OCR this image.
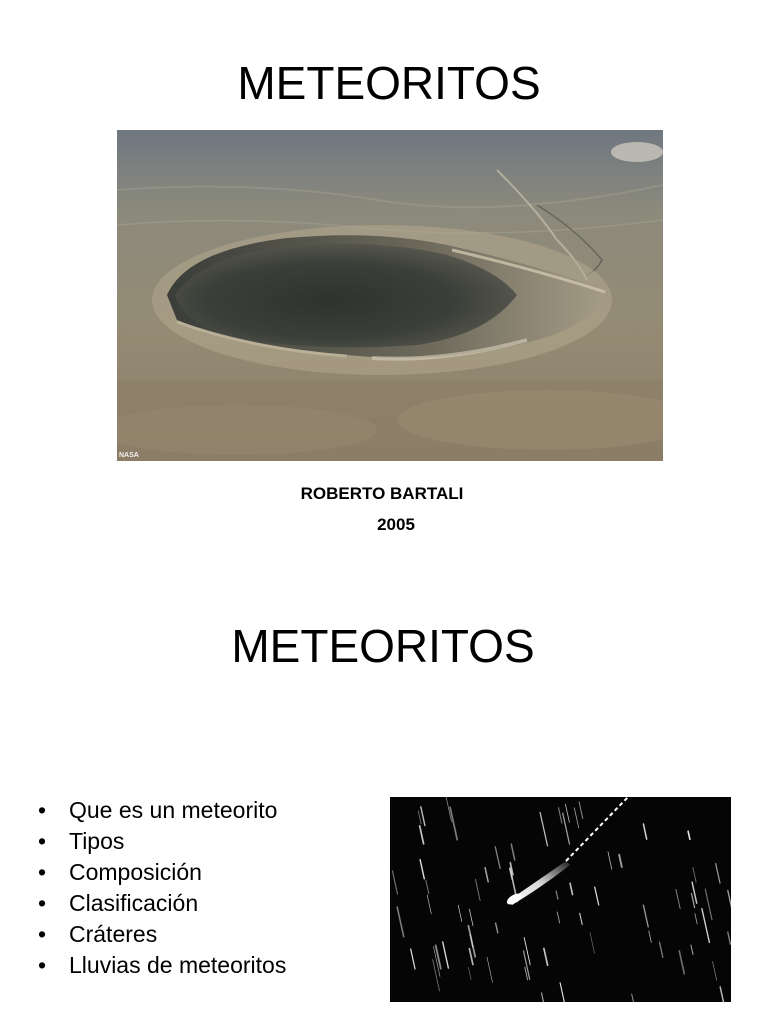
METEORITOS
NASA
ROBERTO BARTALI
2005
METEORITOS
• Que es un meteorito
• Tipos
• Composición
• Clasificación
• Cráteres
• Lluvias de meteoritos
